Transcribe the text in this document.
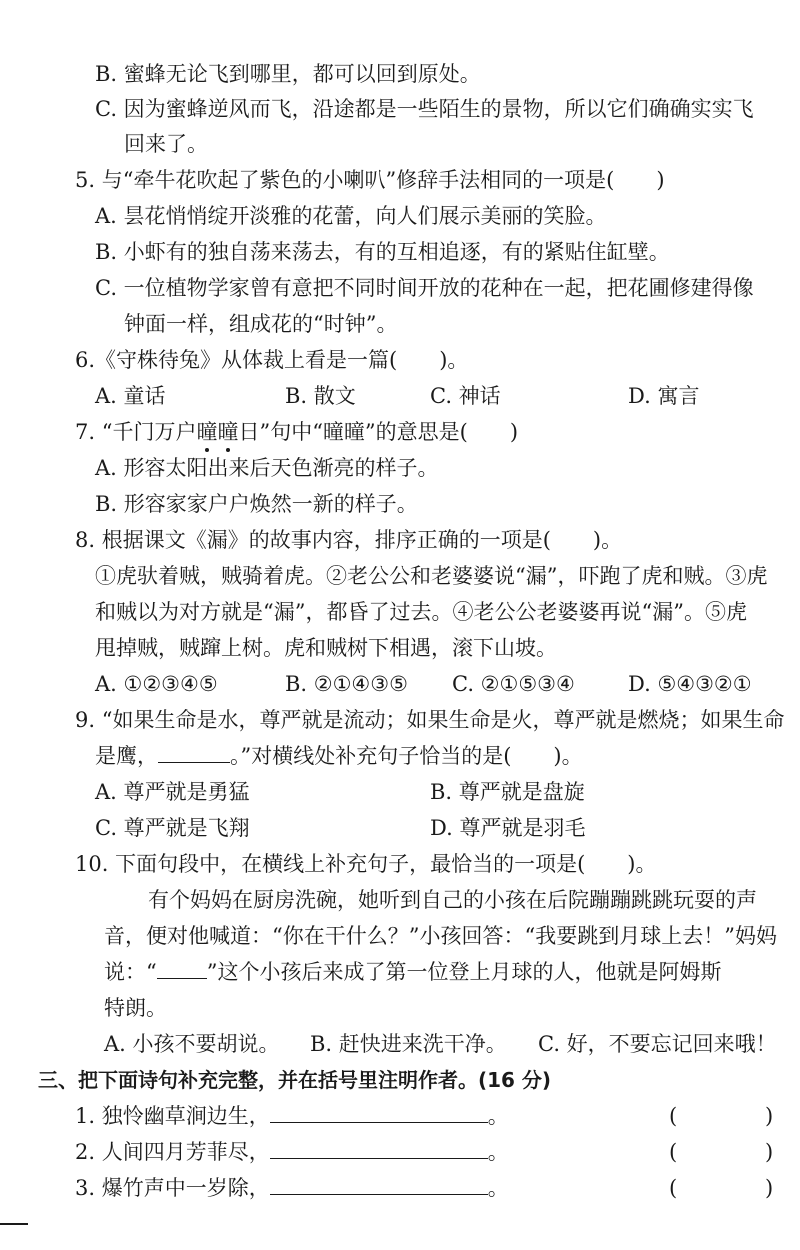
B. 蜜蜂无论飞到哪里，都可以回到原处。
C. 因为蜜蜂逆风而飞，沿途都是一些陌生的景物，所以它们确确实实飞
回来了。
5. 与“牵牛花吹起了紫色的小喇叭”修辞手法相同的一项是(　　)
A. 昙花悄悄绽开淡雅的花蕾，向人们展示美丽的笑脸。
B. 小虾有的独自荡来荡去，有的互相追逐，有的紧贴住缸壁。
C. 一位植物学家曾有意把不同时间开放的花种在一起，把花圃修建得像
钟面一样，组成花的“时钟”。
6.《守株待兔》从体裁上看是一篇(　　)。
A. 童话	B. 散文	C. 神话	D. 寓言
7. “千门万户曈曈日”句中“曈曈”的意思是(　　)
A. 形容太阳出来后天色渐亮的样子。
B. 形容家家户户焕然一新的样子。
8. 根据课文《漏》的故事内容，排序正确的一项是(　　)。
①虎驮着贼，贼骑着虎。②老公公和老婆婆说“漏”，吓跑了虎和贼。③虎
和贼以为对方就是“漏”，都昏了过去。④老公公老婆婆再说“漏”。⑤虎
甩掉贼，贼蹿上树。虎和贼树下相遇，滚下山坡。
A. ①②③④⑤	B. ②①④③⑤ C. ②①⑤③④	D. ⑤④③②①
9. “如果生命是水，尊严就是流动；如果生命是火，尊严就是燃烧；如果生命
是鹰，	。”对横线处补充句子恰当的是(　　)。
A. 尊严就是勇猛	B. 尊严就是盘旋
C. 尊严就是飞翔	D. 尊严就是羽毛
10. 下面句段中，在横线上补充句子，最恰当的一项是(　　)。
有个妈妈在厨房洗碗，她听到自己的小孩在后院蹦蹦跳跳玩耍的声
音，便对他喊道：“你在干什么？”小孩回答：“我要跳到月球上去！”妈妈
说：“ ”这个小孩后来成了第一位登上月球的人，他就是阿姆斯
特朗。
A. 小孩不要胡说。 B. 赶快进来洗干净。 C. 好，不要忘记回来哦！
三、把下面诗句补充完整，并在括号里注明作者。(16 分)
1. 独怜幽草涧边生，	。	(	)
2. 人间四月芳菲尽，	。	(	)
3. 爆竹声中一岁除，	。	(	)
